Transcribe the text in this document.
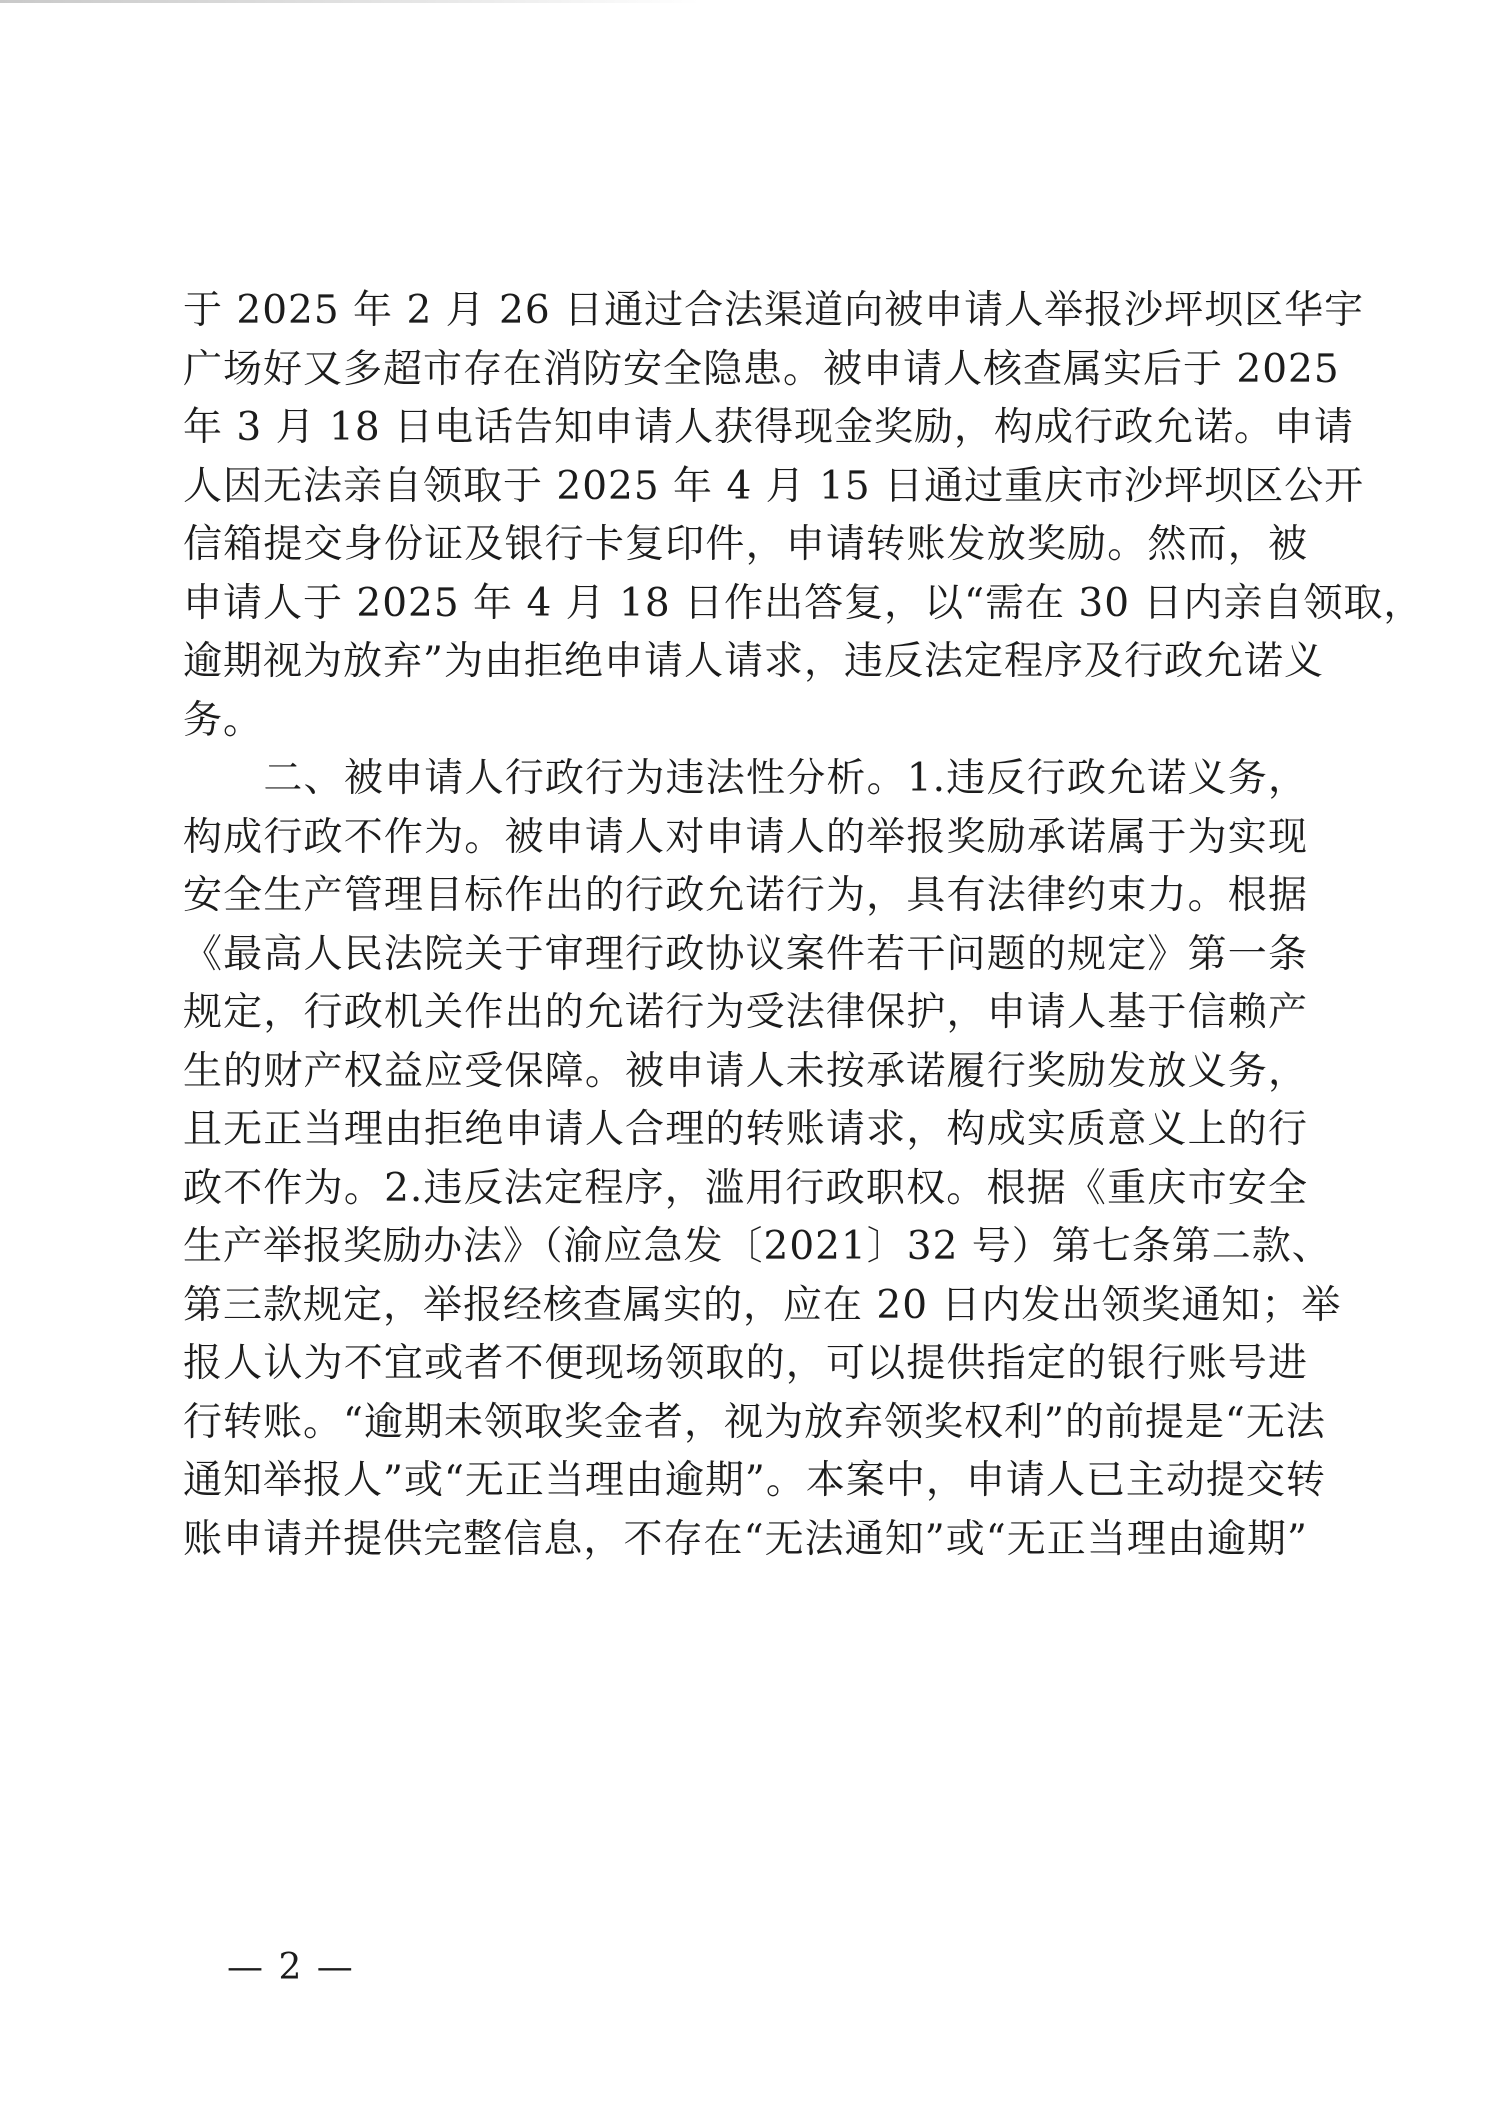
于 2025 年 2 月 26 日通过合法渠道向被申请人举报沙坪坝区华宇
广场好又多超市存在消防安全隐患。被申请人核查属实后于 2025
年 3 月 18 日电话告知申请人获得现金奖励，构成行政允诺。申请
人因无法亲自领取于 2025 年 4 月 15 日通过重庆市沙坪坝区公开
信箱提交身份证及银行卡复印件，申请转账发放奖励。然而，被
申请人于 2025 年 4 月 18 日作出答复，以“需在 30 日内亲自领取，
逾期视为放弃”为由拒绝申请人请求，违反法定程序及行政允诺义
务。
　　二、被申请人行政行为违法性分析。1.违反行政允诺义务，
构成行政不作为。被申请人对申请人的举报奖励承诺属于为实现
安全生产管理目标作出的行政允诺行为，具有法律约束力。根据
《最高人民法院关于审理行政协议案件若干问题的规定》第一条
规定，行政机关作出的允诺行为受法律保护，申请人基于信赖产
生的财产权益应受保障。被申请人未按承诺履行奖励发放义务，
且无正当理由拒绝申请人合理的转账请求，构成实质意义上的行
政不作为。2.违反法定程序，滥用行政职权。根据《重庆市安全
生产举报奖励办法》（渝应急发〔2021〕32 号）第七条第二款、
第三款规定，举报经核查属实的，应在 20 日内发出领奖通知；举
报人认为不宜或者不便现场领取的，可以提供指定的银行账号进
行转账。“逾期未领取奖金者，视为放弃领奖权利”的前提是“无法
通知举报人”或“无正当理由逾期”。本案中，申请人已主动提交转
账申请并提供完整信息，不存在“无法通知”或“无正当理由逾期”
— 2 —
